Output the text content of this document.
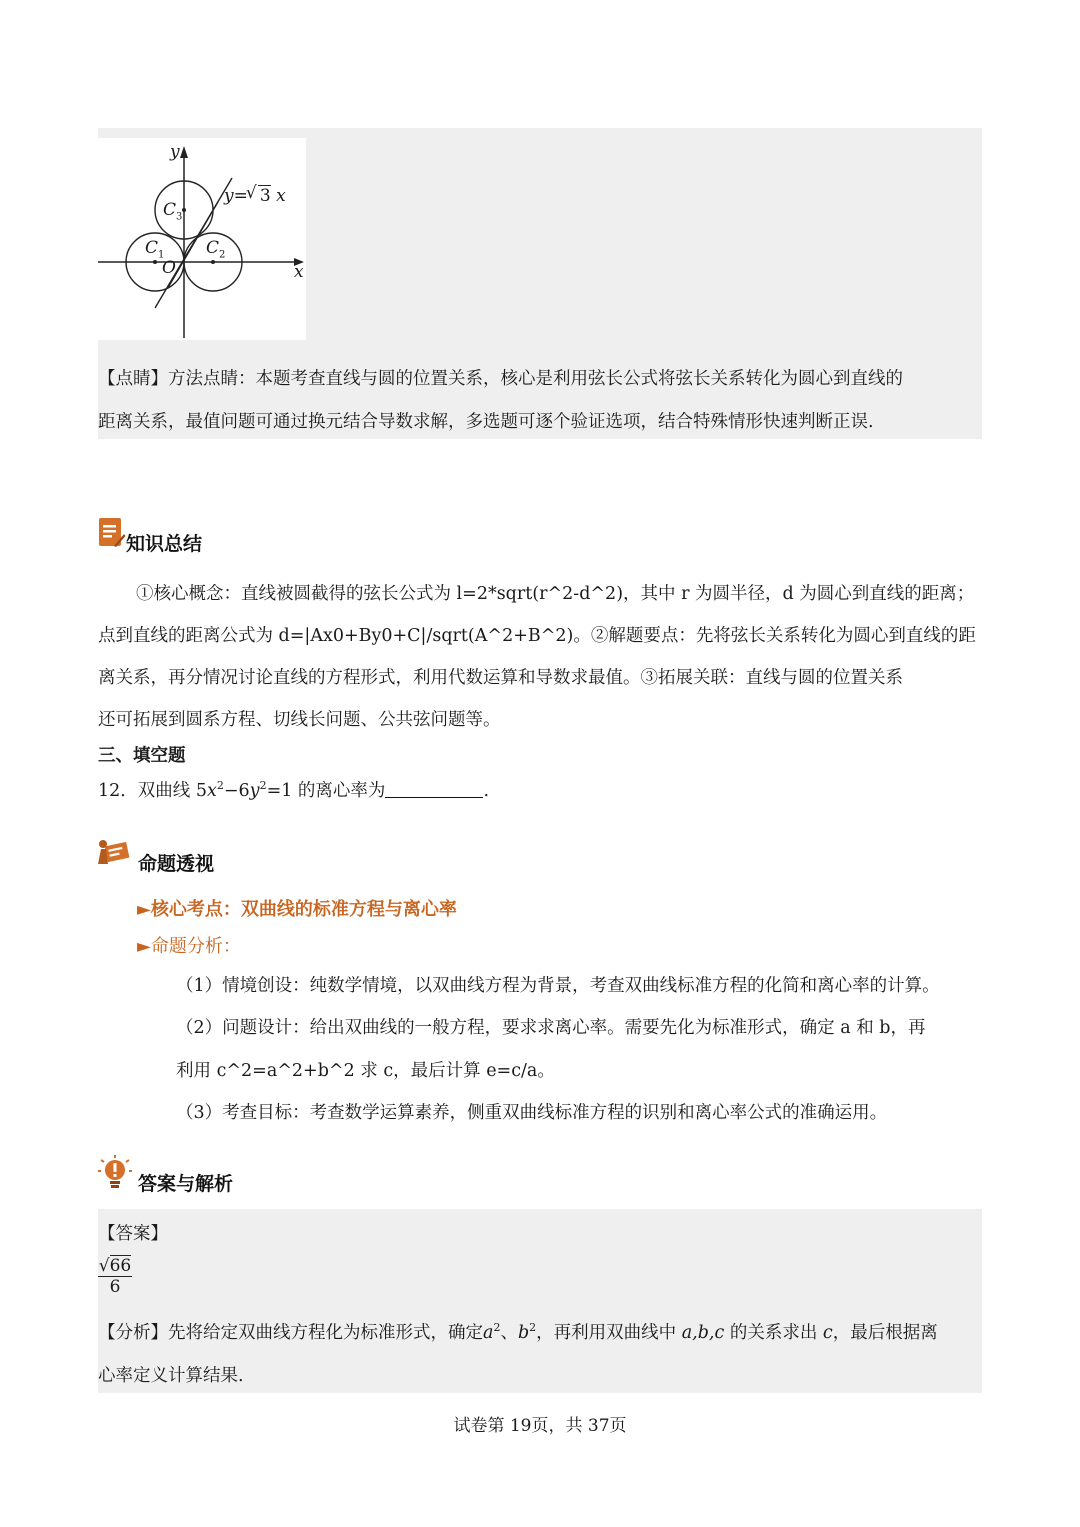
y
x
O
$C_1$ $C_2$
$C_3$
y=
√ 3 x
【点睛】方法点睛：本题考查直线与圆的位置关系，核心是利用弦长公式将弦长关系转化为圆心到直线的
距离关系，最值问题可通过换元结合导数求解，多选题可逐个验证选项，结合特殊情形快速判断正误.
知识总结
①核心概念：直线被圆截得的弦长公式为 l=2*sqrt(r^2-d^2)，其中 r 为圆半径，d 为圆心到直线的距离；
点到直线的距离公式为 d=|Ax0+By0+C|/sqrt(A^2+B^2)。②解题要点：先将弦长关系转化为圆心到直线的距
离关系，再分情况讨论直线的方程形式，利用代数运算和导数求最值。③拓展关联：直线与圆的位置关系
还可拓展到圆系方程、切线长问题、公共弦问题等。
三、填空题
12．双曲线 $5x^2-6y^2=1$ 的离心率为	.
命题透视
►核心考点：双曲线的标准方程与离心率
►命题分析：
（1）情境创设：纯数学情境，以双曲线方程为背景，考查双曲线标准方程的化简和离心率的计算。
（2）问题设计：给出双曲线的一般方程，要求求离心率。需要先化为标准形式，确定 a 和 b，再
利用 c^2=a^2+b^2 求 c，最后计算 e=c/a。
（3）考查目标：考查数学运算素养，侧重双曲线标准方程的识别和离心率公式的准确运用。
答案与解析
【答案】
√66
6
【分析】先将给定双曲线方程化为标准形式，确定$a^2$、$b^2$，再利用双曲线中 a,b,c 的关系求出 c，最后根据离
心率定义计算结果.
试卷第 19页，共 37页
